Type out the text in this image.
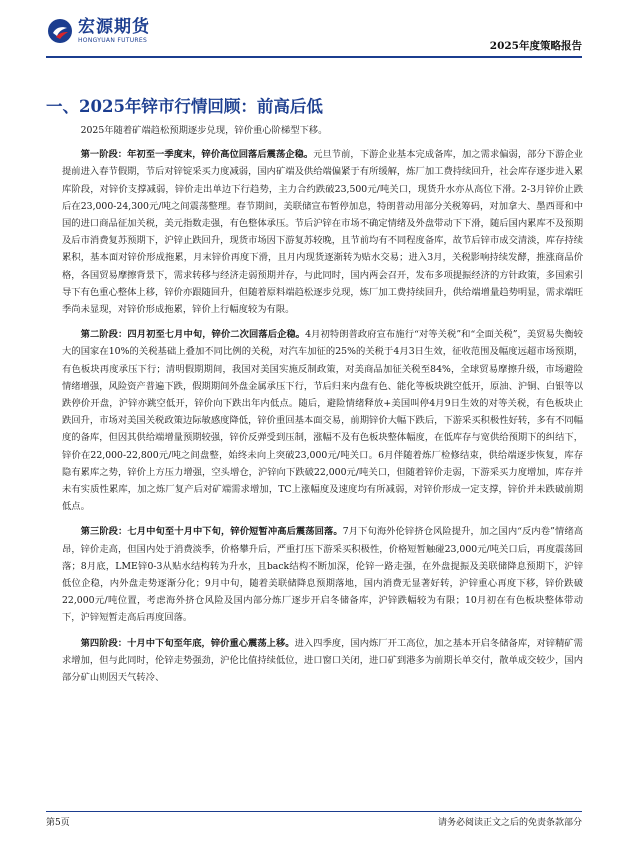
宏源期货
HONGYUAN FUTURES	2025年度策略报告
一、2025年锌市行情回顾：前高后低

2025年随着矿端趋松预期逐步兑现，锌价重心阶梯型下移。

第一阶段：年初至一季度末，锌价高位回落后震荡企稳。元旦节前，下游企业基本完成备库，加之需求偏弱，部分下游企业提前进入春节假期，节后对锌锭采买力度减弱，国内矿端及供给端偏紧于有所缓解，炼厂加工费持续回升，社会库存逐步进入累库阶段，对锌价支撑减弱，锌价走出单边下行趋势，主力合约跌破23,500元/吨关口，现货升水亦从高位下滑。2-3月锌价止跌后在23,000-24,300元/吨之间震荡整理。春节期间，美联储宣布暂停加息，特朗普动用部分关税筹码，对加拿大、墨西哥和中国的进口商品征加关税，美元指数走强，有色整体承压。节后沪锌在市场不确定情绪及外盘带动下下滑，随后国内累库不及预期及后市消费复苏预期下，沪锌止跌回升，现货市场因下游复苏较晚，且节前均有不同程度备库，故节后锌市成交清淡，库存持续累积，基本面对锌价形成拖累，月末锌价再度下滑，且月内现货逐渐转为贴水交易；进入3月，关税影响持续发酵，推涨商品价格，各国贸易摩擦背景下，需求转移与经济走弱预期并存，与此同时，国内两会召开，发布多项提振经济的方针政策，多国索引导下有色重心整体上移，锌价亦跟随回升，但随着原料端趋松逐步兑现，炼厂加工费持续回升，供给端增量趋势明显，需求端旺季尚未显现，对锌价形成拖累，锌价上行幅度较为有限。

第二阶段：四月初至七月中旬，锌价二次回落后企稳。4月初特朗普政府宣布施行“对等关税”和“全面关税”，美贸易失衡较大的国家在10%的关税基础上叠加不同比例的关税，对汽车加征的25%的关税于4月3日生效，征收范围及幅度远超市场预期，有色板块再度承压下行；清明假期期间，我国对美国实施反制政策，对美商品加征关税至84%，全球贸易摩擦升级，市场避险情绪增强，风险资产普遍下跌，假期期间外盘金属承压下行，节后归来内盘有色、能化等板块跳空低开，原油、沪铜、白银等以跌停价开盘，沪锌亦跳空低开，锌价向下跌出年内低点。随后，避险情绪释放+美国叫停4月9日生效的对等关税，有色板块止跌回升，市场对美国关税政策边际敏感度降低，锌价重回基本面交易，前期锌价大幅下跌后，下游采买积极性好转，多有不同幅度的备库，但因其供给端增量预期较强，锌价反弹受到压制，涨幅不及有色板块整体幅度，在低库存与宽供给预期下的纠结下，锌价在22,000-22,800元/吨之间盘整，始终未向上突破23,000元/吨关口。6月伴随着炼厂检修结束，供给端逐步恢复，库存隐有累库之势，锌价上方压力增强，空头增仓，沪锌向下跌破22,000元/吨关口，但随着锌价走弱，下游采买力度增加，库存并未有实质性累库，加之炼厂复产后对矿端需求增加，TC上涨幅度及速度均有所减弱，对锌价形成一定支撑，锌价并未跌破前期低点。

第三阶段：七月中旬至十月中下旬，锌价短暂冲高后震荡回落。7月下旬海外伦锌挤仓风险提升，加之国内“反内卷”情绪高昂，锌价走高，但国内处于消费淡季，价格攀升后，严重打压下游采买积极性，价格短暂触碰23,000元/吨关口后，再度震荡回落；8月底，LME锌0-3从贴水结构转为升水，且back结构不断加深，伦锌一路走强，在外盘提振及美联储降息预期下，沪锌低位企稳，内外盘走势逐渐分化；9月中旬，随着美联储降息预期落地，国内消费无显著好转，沪锌重心再度下移，锌价跌破22,000元/吨位置，考虑海外挤仓风险及国内部分炼厂逐步开启冬储备库，沪锌跌幅较为有限；10月初在有色板块整体带动下，沪锌短暂走高后再度回落。

第四阶段：十月中下旬至年底，锌价重心震荡上移。进入四季度，国内炼厂开工高位，加之基本开启冬储备库，对锌精矿需求增加，但与此同时，伦锌走势强劲，沪伦比值持续低位，进口窗口关闭，进口矿到港多为前期长单交付，散单成交较少，国内部分矿山则因天气转冷、

第5页	请务必阅读正文之后的免责条款部分
